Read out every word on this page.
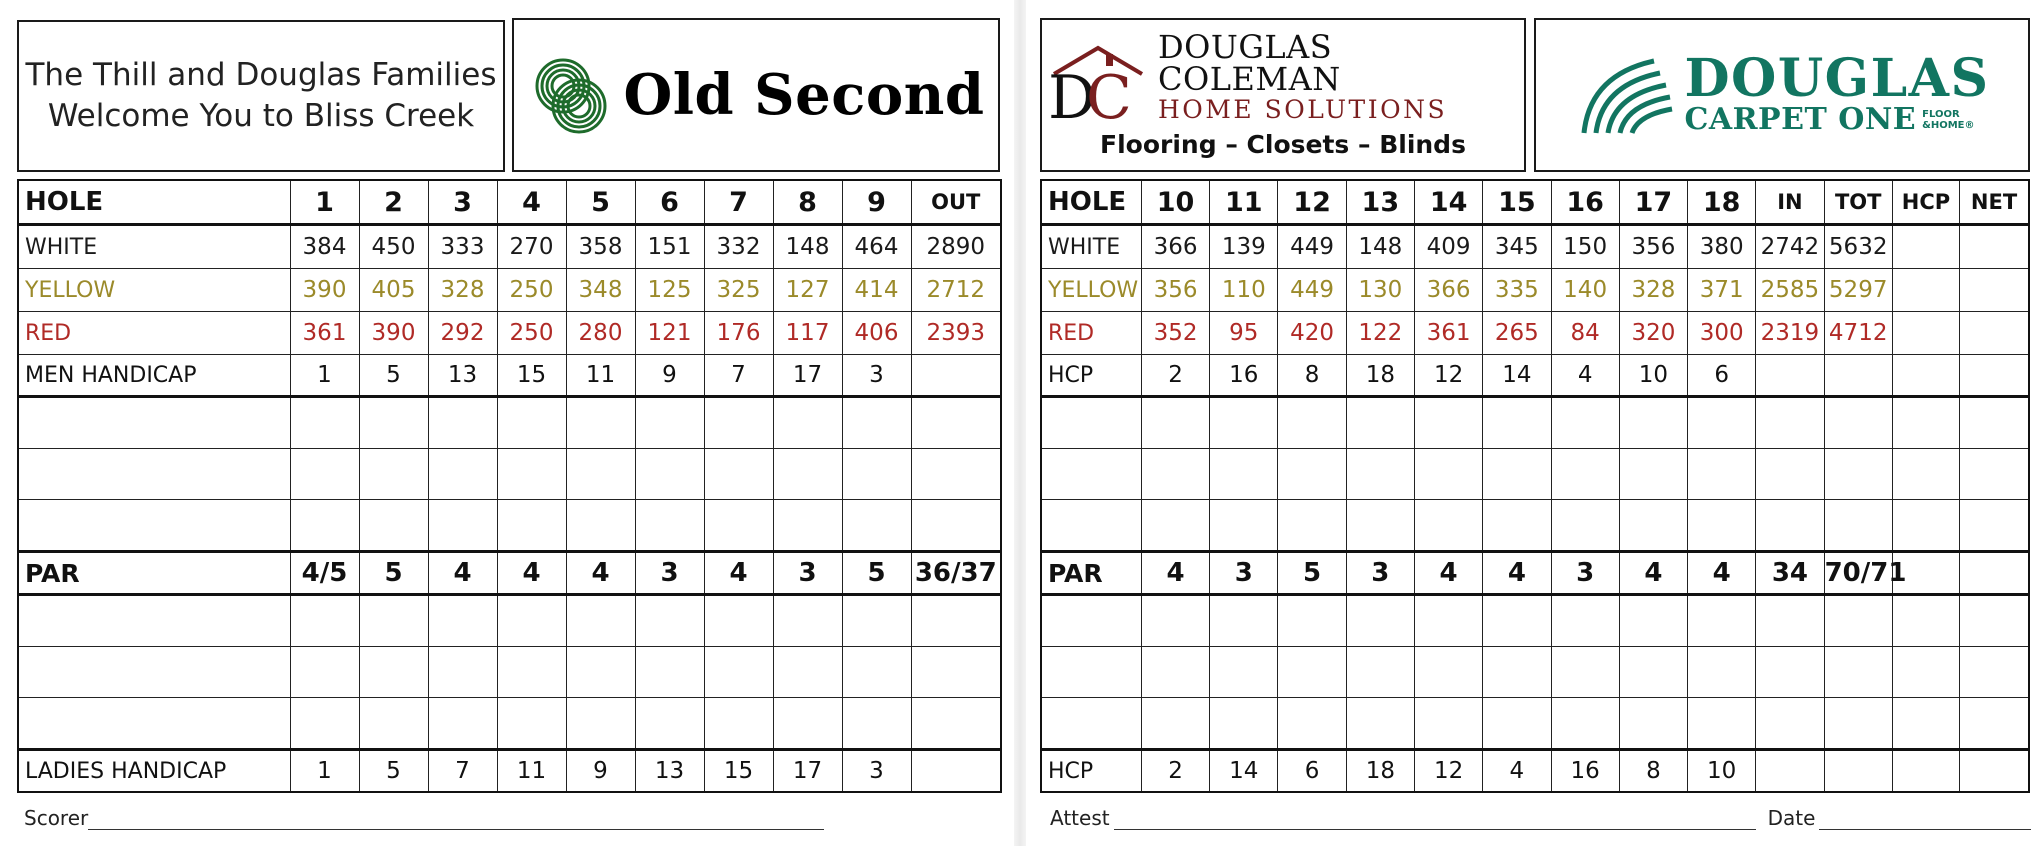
The Thill and Douglas Families
Welcome You to Bliss Creek	Old Second
HOLE	1	2	3	4	5	6	7	8	9	OUT
WHITE	384	450	333	270	358	151	332	148	464	2890
YELLOW	390	405	328	250	348	125	325	127	414	2712
RED	361	390	292	250	280	121	176	117	406	2393
MEN HANDICAP	1	5	13	15	11	9	7	17	3	

PAR	4/5	5	4	4	4	3	4	3	5	36/37

LADIES HANDICAP	1	5	7	11	9	13	15	17	3	
Scorer
D
C
DOUGLAS COLEMAN
HOME SOLUTIONS
Flooring – Closets – Blinds
DOUGLAS
CARPET ONE FLOOR
&HOME®
HOLE	10	11	12	13	14	15	16	17	18	IN	TOT	HCP	NET
WHITE	366	139	449	148	409	345	150	356	380	2742	5632		
YELLOW	356	110	449	130	366	335	140	328	371	2585	5297		
RED	352	95	420	122	361	265	84	320	300	2319	4712		
HCP	2	16	8	18	12	14	4	10	6				

PAR	4	3	5	3	4	4	3	4	4	34	70/71		

HCP	2	14	6	18	12	4	16	8	10				
Attest	Date
